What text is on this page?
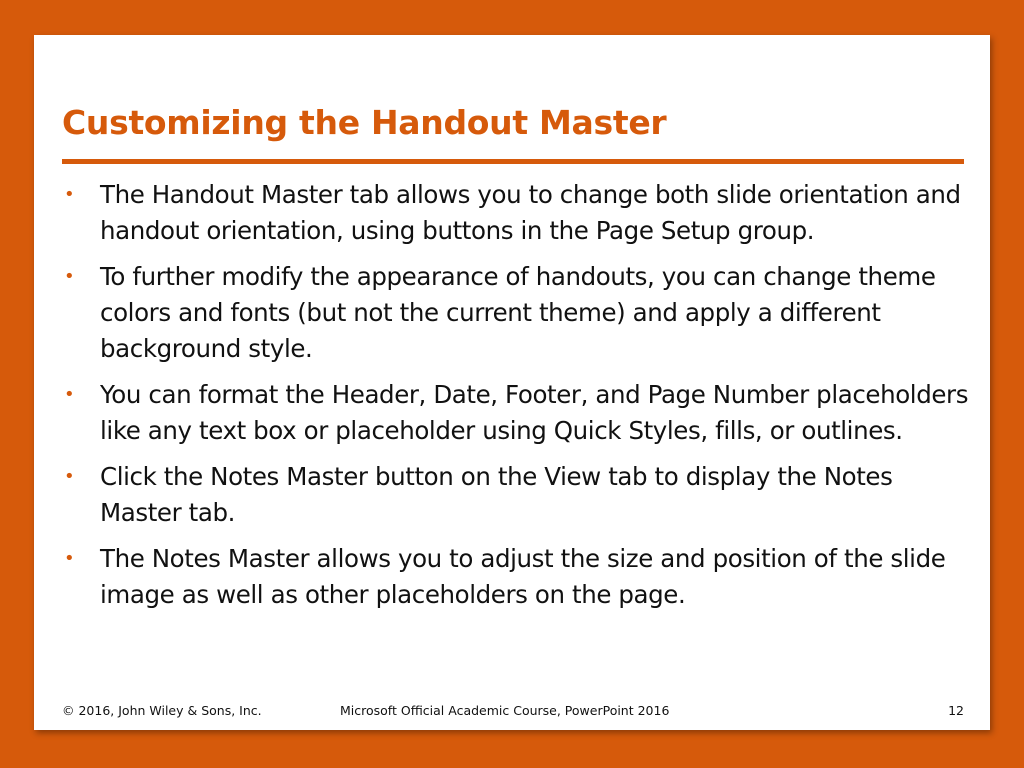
Customizing the Handout Master
• The Handout Master tab allows you to change both slide orientation and handout orientation, using buttons in the Page Setup group.
• To further modify the appearance of handouts, you can change theme colors and fonts (but not the current theme) and apply a different background style.
• You can format the Header, Date, Footer, and Page Number placeholders like any text box or placeholder using Quick Styles, fills, or outlines.
• Click the Notes Master button on the View tab to display the Notes Master tab.
• The Notes Master allows you to adjust the size and position of the slide image as well as other placeholders on the page.
© 2016, John Wiley & Sons, Inc.	Microsoft Official Academic Course, PowerPoint 2016	12
